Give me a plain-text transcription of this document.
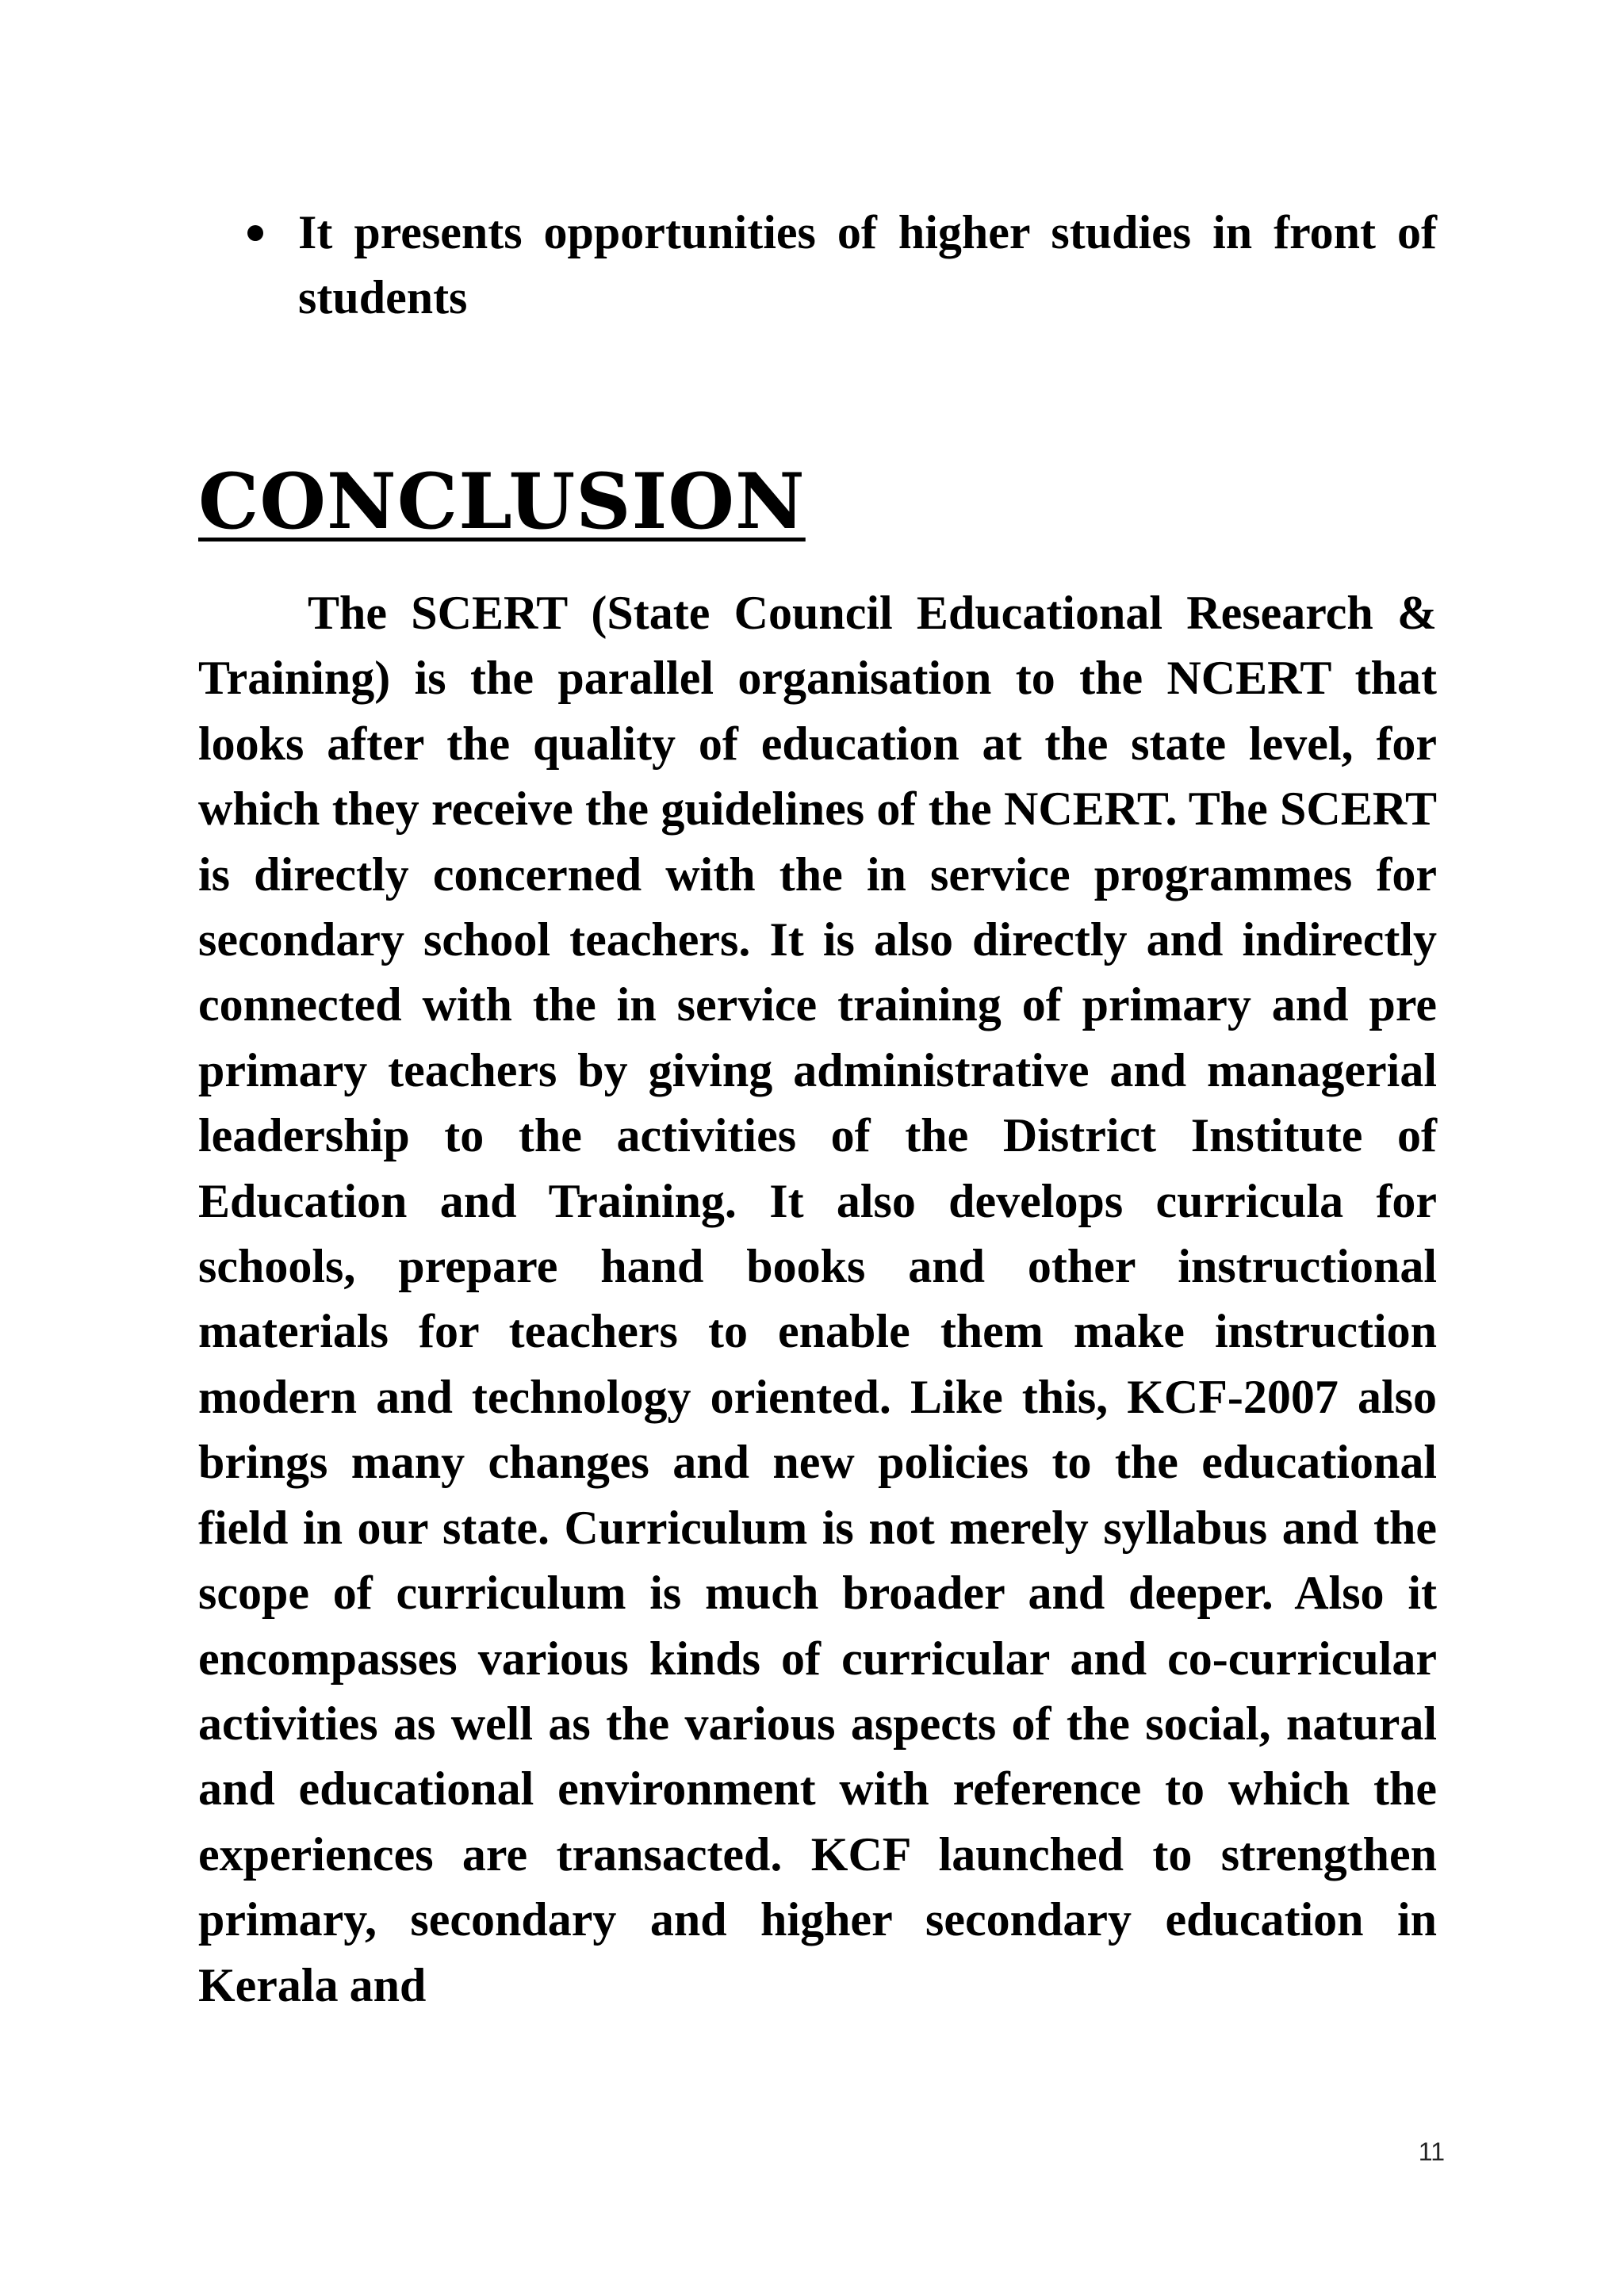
It presents opportunities of higher studies in front of students
CONCLUSION

The SCERT (State Council Educational Research & Training) is the parallel organisation to the NCERT that looks after the quality of education at the state level, for which they receive the guidelines of the NCERT. The SCERT is directly concerned with the in service programmes for secondary school teachers. It is also directly and indirectly connected with the in service training of primary and pre primary teachers by giving administrative and managerial leadership to the activities of the District Institute of Education and Training. It also develops curricula for schools, prepare hand books and other instructional materials for teachers to enable them make instruction modern and technology oriented. Like this, KCF-2007 also brings many changes and new policies to the educational field in our state. Curriculum is not merely syllabus and the scope of curriculum is much broader and deeper. Also it encompasses various kinds of curricular and co-curricular activities as well as the various aspects of the social, natural and educational environment with reference to which the experiences are transacted. KCF launched to strengthen primary, secondary and higher secondary education in Kerala and

11
